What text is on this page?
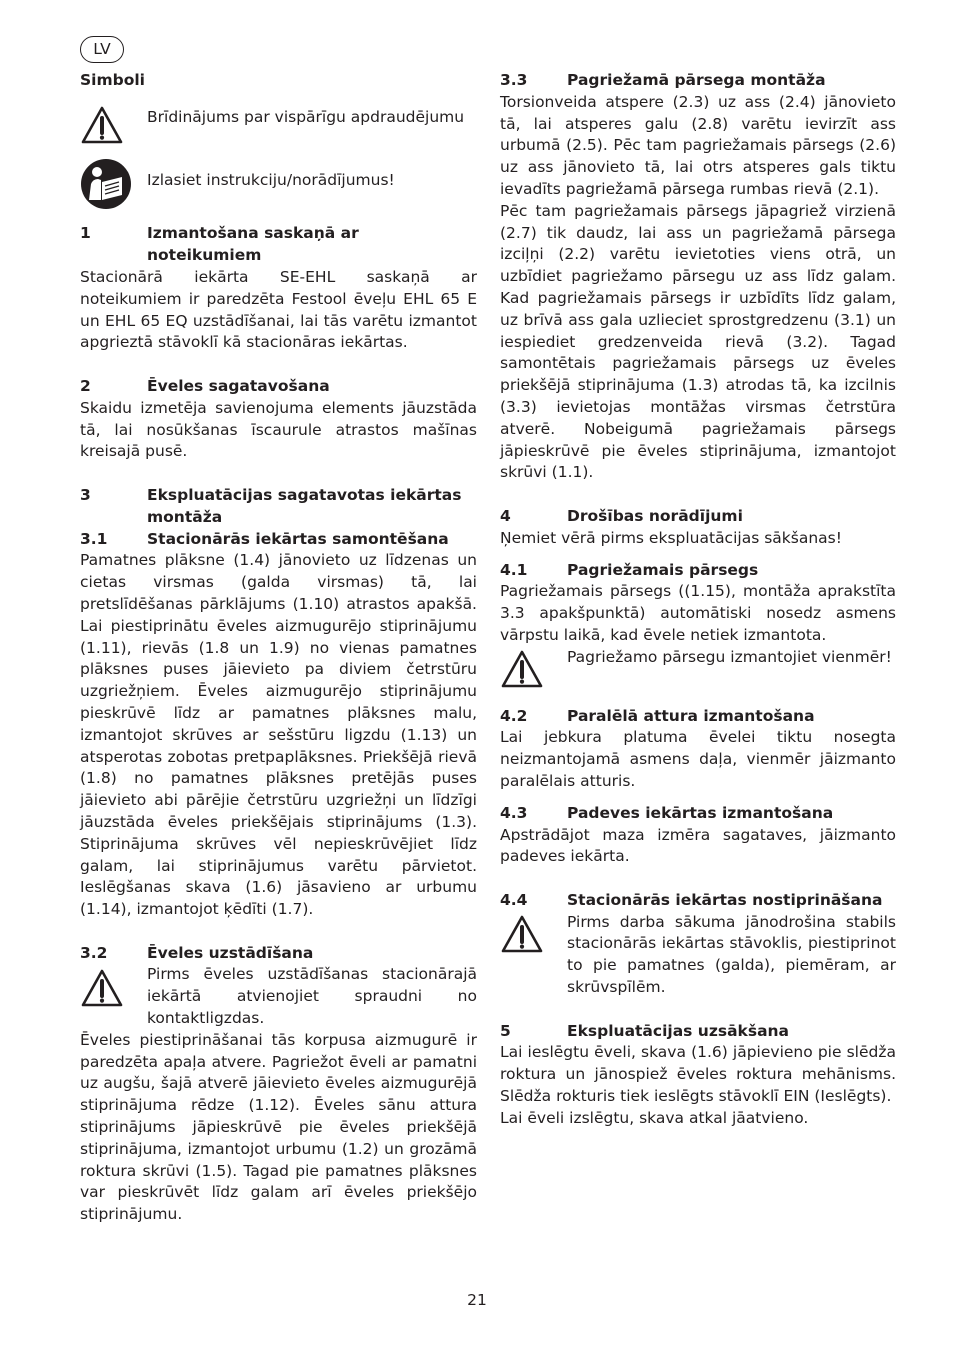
LV
Simboli

Brīdinājums par vispārīgu apdraudējumu

Izlasiet instrukciju/norādījumus!

1	Izmantošana saskaņā ar noteikumiem

Stacionārā iekārta SE-EHL saskaņā ar noteikumiem ir paredzēta Festool ēveļu EHL 65 E un EHL 65 EQ uzstādīšanai, lai tās varētu izmantot apgrieztā stāvoklī kā stacionāras iekārtas.

2	Ēveles sagatavošana

Skaidu izmetēja savienojuma elements jāuzstāda tā, lai nosūkšanas īscaurule atrastos mašīnas kreisajā pusē.

3	Ekspluatācijas sagatavotas iekārtas montāža
3.1	Stacionārās iekārtas samontēšana

Pamatnes plāksne (1.4) jānovieto uz līdzenas un cietas virsmas (galda virsmas) tā, lai pretslīdēšanas pārklājums (1.10) atrastos apakšā. Lai piestiprinātu ēveles aizmugurējo stiprinājumu (1.11), rievās (1.8 un 1.9) no vienas pamatnes plāksnes puses jāievieto pa diviem četrstūru uzgriežņiem. Ēveles aizmugurējo stiprinājumu pieskrūvē līdz ar pamatnes plāksnes malu, izmantojot skrūves ar sešstūru ligzdu (1.13) un atsperotas zobotas pretpaplāksnes. Priekšējā rievā (1.8) no pamatnes plāksnes pretējās puses jāievieto abi pārējie četrstūru uzgriežņi un līdzīgi jāuzstāda ēveles priekšējais stiprinājums (1.3). Stiprinājuma skrūves vēl nepieskrūvējiet līdz galam, lai stiprinājumus varētu pārvietot. Ieslēgšanas skava (1.6) jāsavieno ar urbumu (1.14), izmantojot ķēdīti (1.7).

3.2	Ēveles uzstādīšana

Pirms ēveles uzstādīšanas stacionārajā iekārtā atvienojiet spraudni no kontaktligzdas.

Ēveles piestiprināšanai tās korpusa aizmugurē ir paredzēta apaļa atvere. Pagriežot ēveli ar pamatni uz augšu, šajā atverē jāievieto ēveles aizmugurējā stiprinājuma rēdze (1.12). Ēveles sānu attura stiprinājums jāpieskrūvē pie ēveles priekšējā stiprinājuma, izmantojot urbumu (1.2) un grozāmā roktura skrūvi (1.5). Tagad pie pamatnes plāksnes var pieskrūvēt līdz galam arī ēveles priekšējo stiprinājumu.

3.3	Pagriežamā pārsega montāža

Torsionveida atspere (2.3) uz ass (2.4) jānovieto tā, lai atsperes galu (2.8) varētu ievirzīt ass urbumā (2.5). Pēc tam pagriežamais pārsegs (2.6) uz ass jānovieto tā, lai otrs atsperes gals tiktu ievadīts pagriežamā pārsega rumbas rievā (2.1).

Pēc tam pagriežamais pārsegs jāpagriež virzienā (2.7) tik daudz, lai ass un pagriežamā pārsega izciļņi (2.2) varētu ievietoties viens otrā, un uzbīdiet pagriežamo pārsegu uz ass līdz galam. Kad pagriežamais pārsegs ir uzbīdīts līdz galam, uz brīvā ass gala uzlieciet sprostgredzenu (3.1) un iespiediet gredzenveida rievā (3.2). Tagad samontētais pagriežamais pārsegs uz ēveles priekšējā stiprinājuma (1.3) atrodas tā, ka izcilnis (3.3) ievietojas montāžas virsmas četrstūra atverē. Nobeigumā pagriežamais pārsegs jāpieskrūvē pie ēveles stiprinājuma, izmantojot skrūvi (1.1).

4	Drošības norādījumi

Ņemiet vērā pirms ekspluatācijas sākšanas!

4.1	Pagriežamais pārsegs

Pagriežamais pārsegs ((1.15), montāža aprakstīta 3.3 apakšpunktā) automātiski nosedz asmens vārpstu laikā, kad ēvele netiek izmantota.

Pagriežamo pārsegu izmantojiet vienmēr!

4.2	Paralēlā attura izmantošana

Lai jebkura platuma ēvelei tiktu nosegta neizmantojamā asmens daļa, vienmēr jāizmanto paralēlais atturis.

4.3	Padeves iekārtas izmantošana

Apstrādājot maza izmēra sagataves, jāizmanto padeves iekārta.

4.4	Stacionārās iekārtas nostiprināšana

Pirms darba sākuma jānodrošina stabils stacionārās iekārtas stāvoklis, piestiprinot to pie pamatnes (galda), piemēram, ar skrūvspīlēm.

5	Ekspluatācijas uzsākšana

Lai ieslēgtu ēveli, skava (1.6) jāpievieno pie slēdža roktura un jānospiež ēveles roktura mehānisms. Slēdža rokturis tiek ieslēgts stāvoklī EIN (Ieslēgts).

Lai ēveli izslēgtu, skava atkal jāatvieno.

21
